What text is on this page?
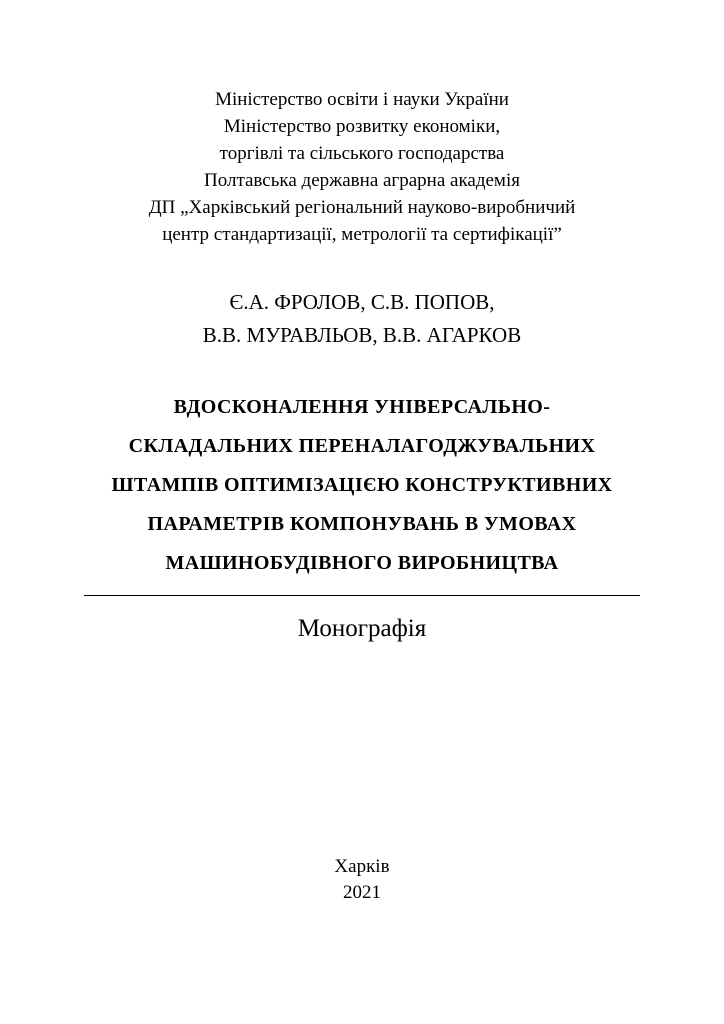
Міністерство освіти і науки України
Міністерство розвитку економіки,
торгівлі та сільського господарства
Полтавська державна аграрна академія
ДП „Харківський регіональний науково-виробничий
центр стандартизації, метрології та сертифікації”
Є.А. ФРОЛОВ, С.В. ПОПОВ,
В.В. МУРАВЛЬОВ, В.В. АГАРКОВ
ВДОСКОНАЛЕННЯ УНІВЕРСАЛЬНО-
СКЛАДАЛЬНИХ ПЕРЕНАЛАГОДЖУВАЛЬНИХ
ШТАМПІВ ОПТИМІЗАЦІЄЮ КОНСТРУКТИВНИХ
ПАРАМЕТРІВ КОМПОНУВАНЬ В УМОВАХ
МАШИНОБУДІВНОГО ВИРОБНИЦТВА
Монографія
Харків
2021
